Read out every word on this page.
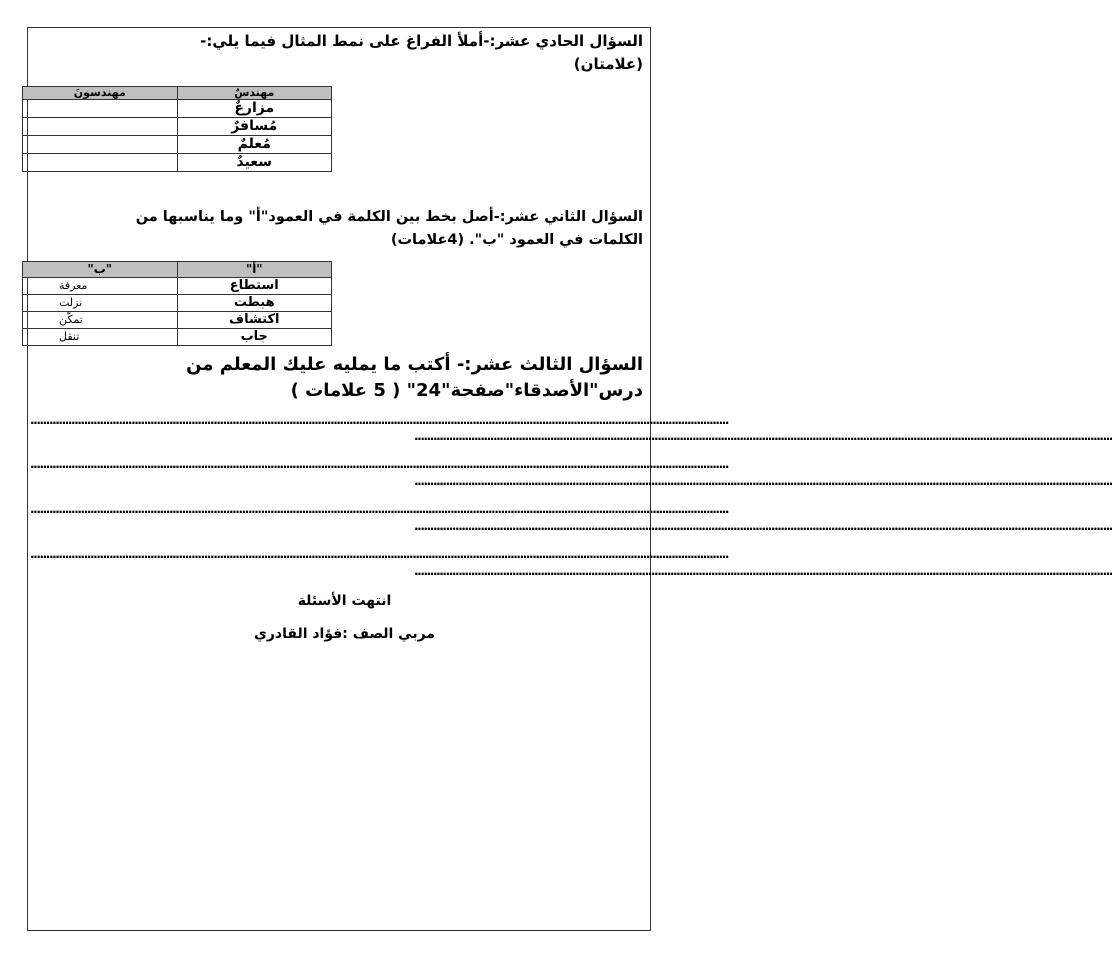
السؤال الحادي عشر:-أملأ الفراغ على نمط المثال فيما يلي:-
(علامتان)
مهندسٌ	مهندسونَ
مزارعٌ	
مُسافرٌ	
مُعلمٌ	
سعيدٌ	
السؤال الثاني عشر:-أصل بخط بين الكلمة في العمود"أ" وما يناسبها من
الكلمات في العمود "ب". (4علامات)
"أ"	"ب"
استطاع	معرفة
هبطت	نزلت
اكتشاف	تمكّن
جاب	تنقل
السؤال الثالث عشر:- أكتب ما يمليه عليك المعلم من
درس"الأصدقاء"صفحة"24" ( 5 علامات )
.............................................................................................................................................................................................................................
.............................................................................................................................................................................................................................
.............................................................................................................................................................................................................................
.............................................................................................................................................................................................................................
.............................................................................................................................................................................................................................
.............................................................................................................................................................................................................................
.............................................................................................................................................................................................................................
.............................................................................................................................................................................................................................
انتهت الأسئلة
مربي الصف :فؤاد القادري
